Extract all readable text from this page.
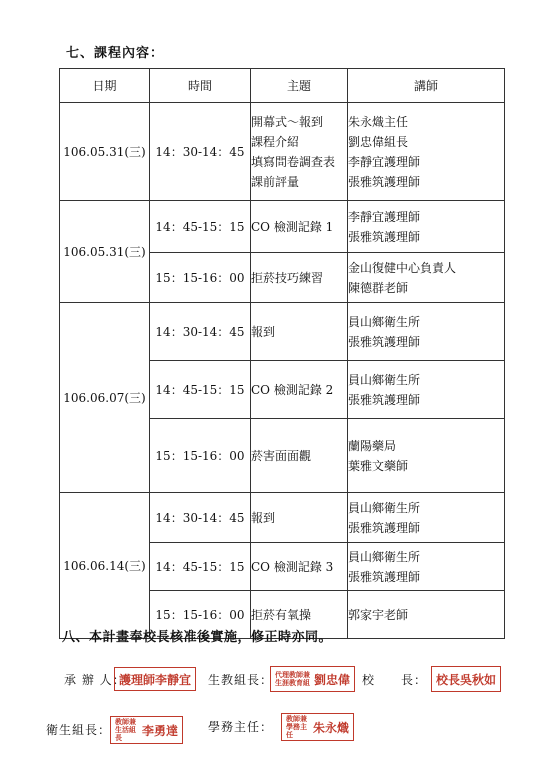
七、課程內容：
日期	時間	主題	講師
106.05.31(三)	14：30-14：45	開幕式～報到
課程介紹
填寫問卷調查表
課前評量	朱永熾主任
劉忠偉組長
李靜宜護理師
張雅筑護理師

106.05.31(三)	14：45-15：15	CO 檢測記錄 1	李靜宜護理師
張雅筑護理師

	15：15-16：00	拒菸技巧練習	金山復健中心負責人
陳德群老師

106.06.07(三)	14：30-14：45	報到	員山鄉衛生所
張雅筑護理師

	14：45-15：15	CO 檢測記錄 2	員山鄉衛生所
張雅筑護理師

	15：15-16：00	菸害面面觀	蘭陽藥局
葉雅文藥師

106.06.14(三)	14：30-14：45	報到	員山鄉衛生所
張雅筑護理師

	14：45-15：15	CO 檢測記錄 3	員山鄉衛生所
張雅筑護理師

	15：15-16：00	拒菸有氧操	郭家宇老師
八、本計畫奉校長核准後實施，修正時亦同。
承 辦 人：
護理師李靜宜 生教組長： 代理教師兼生涯教育組 劉忠偉 校　　長： 校長吳秋如
衛生組長：
教師兼生活組長	李勇達 學務主任：
教師兼學務主任	朱永熾
